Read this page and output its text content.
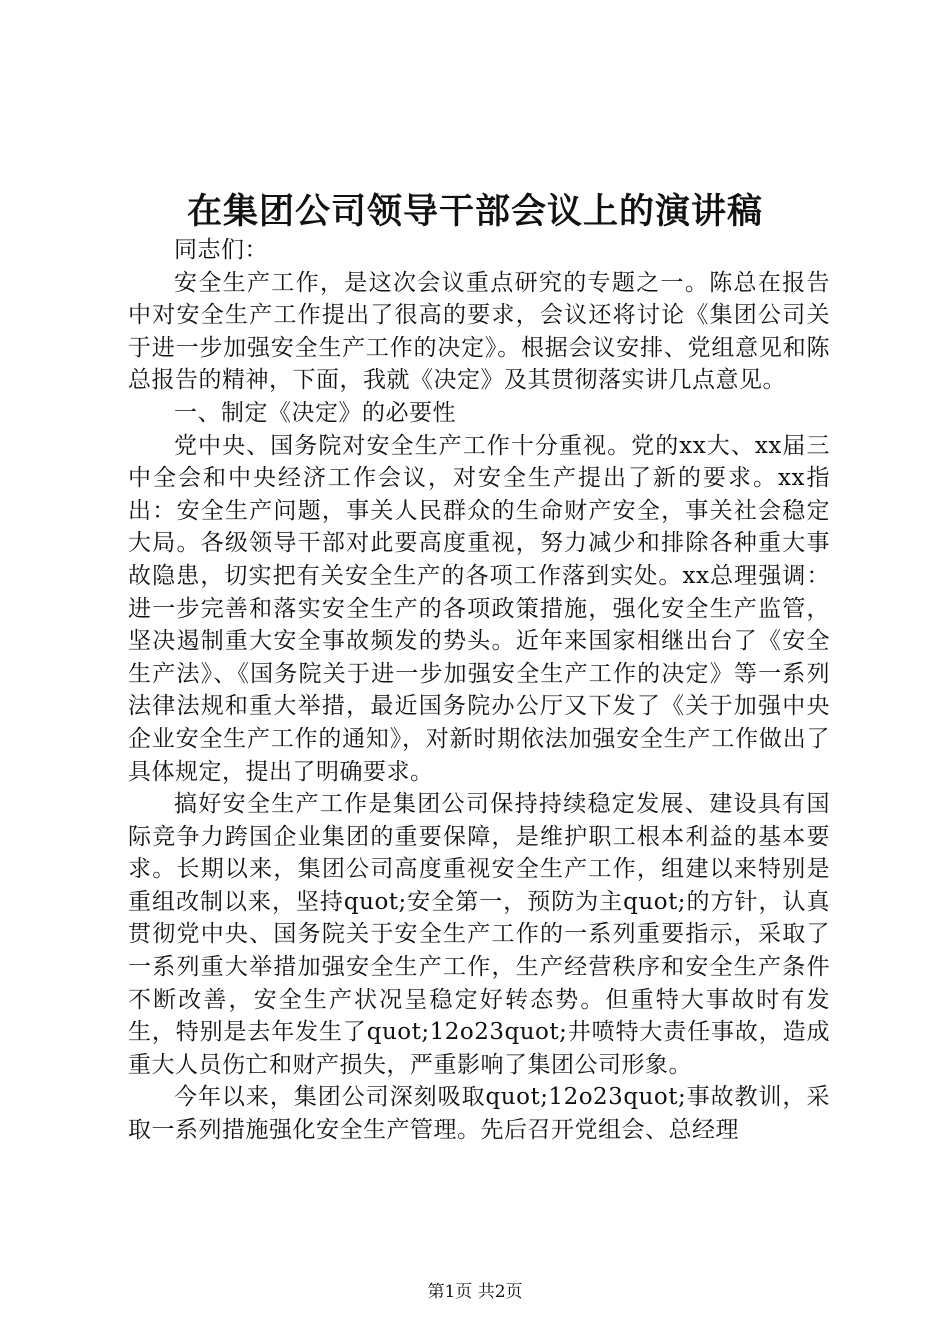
在集团公司领导干部会议上的演讲稿

同志们：

安全生产工作，是这次会议重点研究的专题之一。陈总在报告中对安全生产工作提出了很高的要求，会议还将讨论《集团公司关于进一步加强安全生产工作的决定》。根据会议安排、党组意见和陈总报告的精神，下面，我就《决定》及其贯彻落实讲几点意见。

一、制定《决定》的必要性

党中央、国务院对安全生产工作十分重视。党的xx大、xx届三中全会和中央经济工作会议，对安全生产提出了新的要求。xx指出：安全生产问题，事关人民群众的生命财产安全，事关社会稳定大局。各级领导干部对此要高度重视，努力减少和排除各种重大事故隐患，切实把有关安全生产的各项工作落到实处。xx总理强调：进一步完善和落实安全生产的各项政策措施，强化安全生产监管，坚决遏制重大安全事故频发的势头。近年来国家相继出台了《安全生产法》、《国务院关于进一步加强安全生产工作的决定》等一系列法律法规和重大举措，最近国务院办公厅又下发了《关于加强中央企业安全生产工作的通知》，对新时期依法加强安全生产工作做出了具体规定，提出了明确要求。

搞好安全生产工作是集团公司保持持续稳定发展、建设具有国际竞争力跨国企业集团的重要保障，是维护职工根本利益的基本要求。长期以来，集团公司高度重视安全生产工作，组建以来特别是重组改制以来，坚持quot;安全第一，预防为主quot;的方针，认真贯彻党中央、国务院关于安全生产工作的一系列重要指示，采取了一系列重大举措加强安全生产工作，生产经营秩序和安全生产条件不断改善，安全生产状况呈稳定好转态势。但重特大事故时有发生，特别是去年发生了quot;12o23quot;井喷特大责任事故，造成重大人员伤亡和财产损失，严重影响了集团公司形象。

今年以来，集团公司深刻吸取quot;12o23quot;事故教训，采取一系列措施强化安全生产管理。先后召开党组会、总经理

第1页 共2页
